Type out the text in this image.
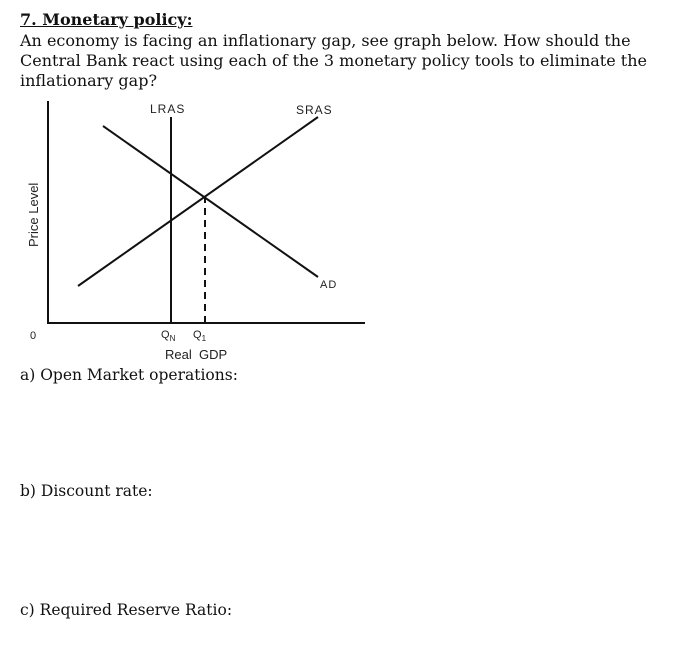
7. Monetary policy:

An economy is facing an inflationary gap, see graph below. How should the Central Bank react using each of the 3 monetary policy tools to eliminate the inflationary gap?

LRAS	SRAS
AD
Price Level
0	$Q_N$ $Q_1$
Real  GDP

a) Open Market operations:

b) Discount rate:

c) Required Reserve Ratio:
